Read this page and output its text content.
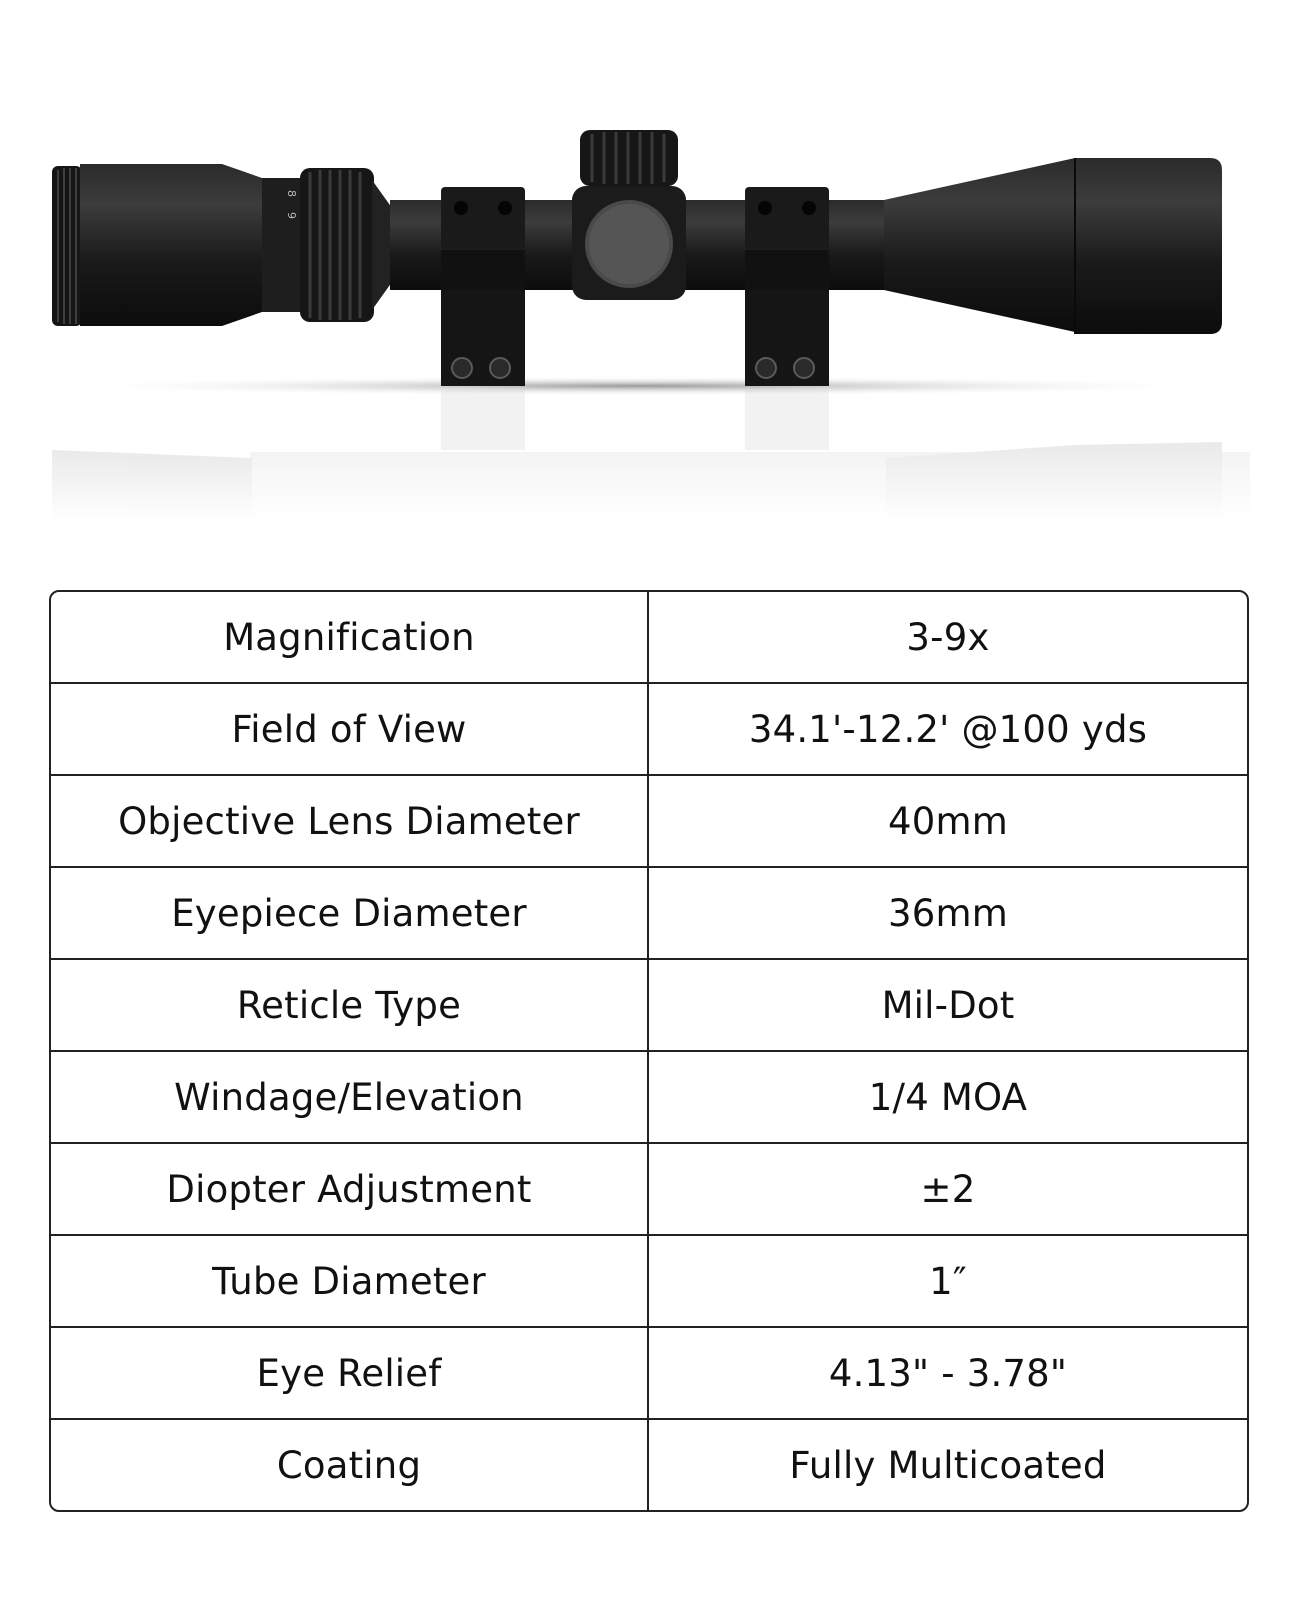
8
9
Magnification	3-9x
Field of View	34.1'-12.2' @100 yds
Objective Lens Diameter	40mm
Eyepiece Diameter	36mm
Reticle Type	Mil-Dot
Windage/Elevation	1/4 MOA
Diopter Adjustment	±2
Tube Diameter	1″
Eye Relief	4.13" - 3.78"
Coating	Fully Multicoated
